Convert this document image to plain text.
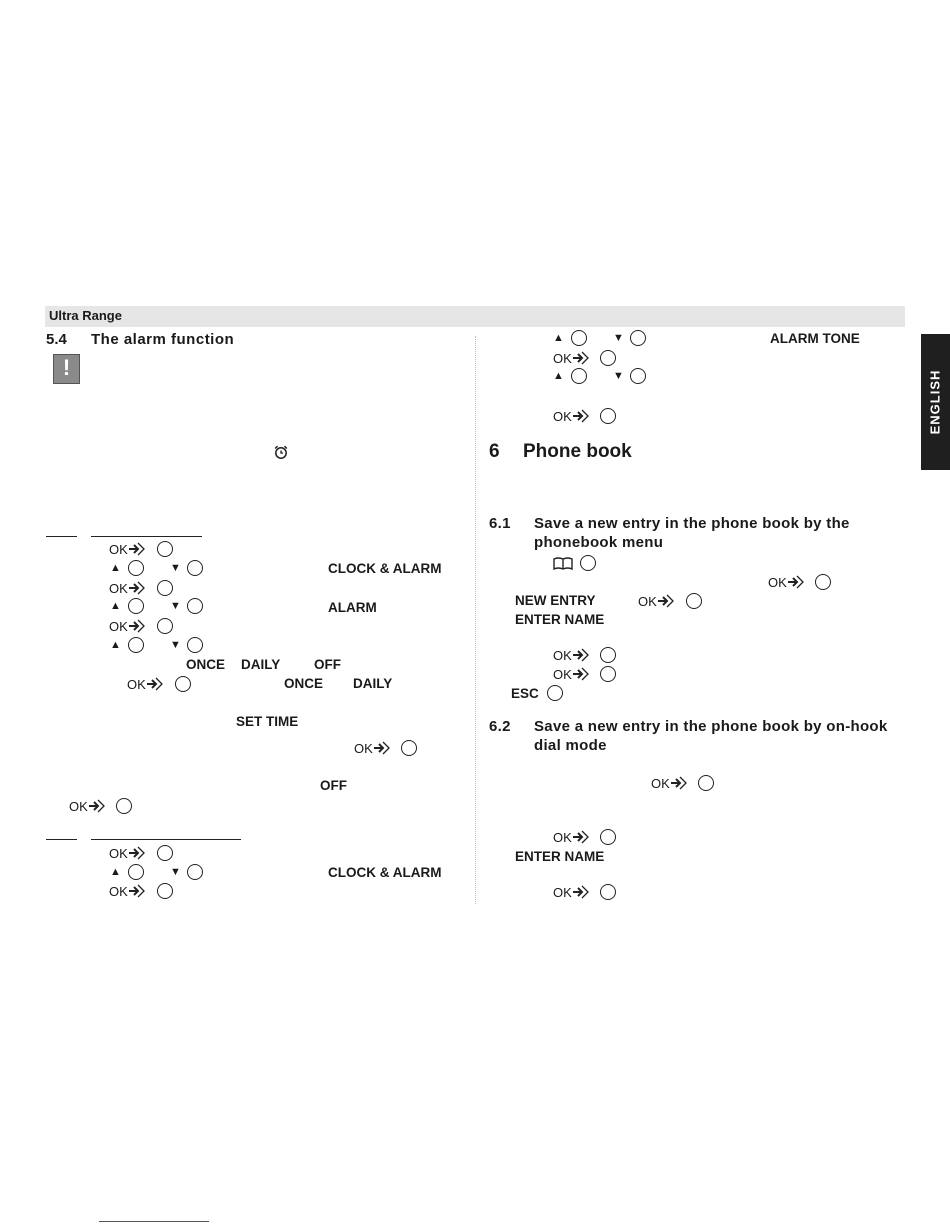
Ultra Range
ENGLISH
5.4 The alarm function
!
OK
▲	▼	CLOCK & ALARM
OK
▲	▼	ALARM
OK
▲	▼
ONCE DAILY OFF
OK	ONCE DAILY
SET TIME
OK
OFF
OK
OK
▲	▼	CLOCK & ALARM
OK
▲	▼	ALARM TONE
OK
▲	▼
OK
6 Phone book
6.1 Save a new entry in the phone book by the
phonebook menu
OK
NEW ENTRY	OK
ENTER NAME
OK
OK
ESC
6.2 Save a new entry in the phone book by on-hook
dial mode
OK
OK
ENTER NAME
OK
